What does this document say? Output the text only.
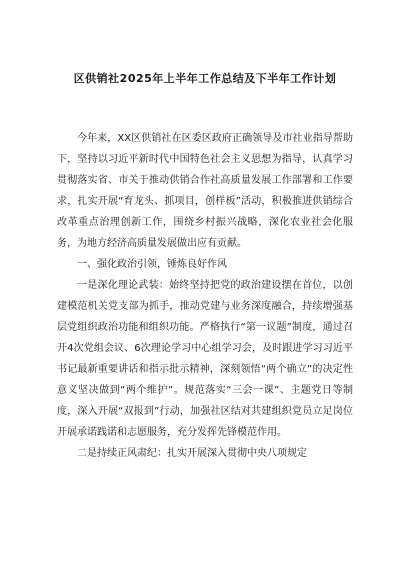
区供销社2025年上半年工作总结及下半年工作计划

今年来，XX区供销社在区委区政府正确领导及市社业指导帮助下，坚持以习近平新时代中国特色社会主义思想为指导，认真学习贯彻落实省、市关于推动供销合作社高质量发展工作部署和工作要求，扎实开展“育龙头、抓项目，创样板”活动，积极推进供销综合改革重点治理创新工作，围绕乡村振兴战略，深化农业社会化服务，为地方经济高质量发展做出应有贡献。

一、强化政治引领，锤炼良好作风

一是深化理论武装：始终坚持把党的政治建设摆在首位，以创建模范机关党支部为抓手，推动党建与业务深度融合，持续增强基层党组织政治功能和组织功能。严格执行“第一议题”制度，通过召开4次党组会议、6次理论学习中心组学习会，及时跟进学习习近平书记最新重要讲话和指示批示精神，深刻领悟“两个确立”的决定性意义坚决做到“两个维护”。规范落实“三会一课”、主题党日等制度，深入开展“双报到”行动，加强社区结对共建组织党员立足岗位开展承诺践诺和志愿服务，充分发挥先锋模范作用。

二是持续正风肃纪：扎实开展深入贯彻中央八项规定
